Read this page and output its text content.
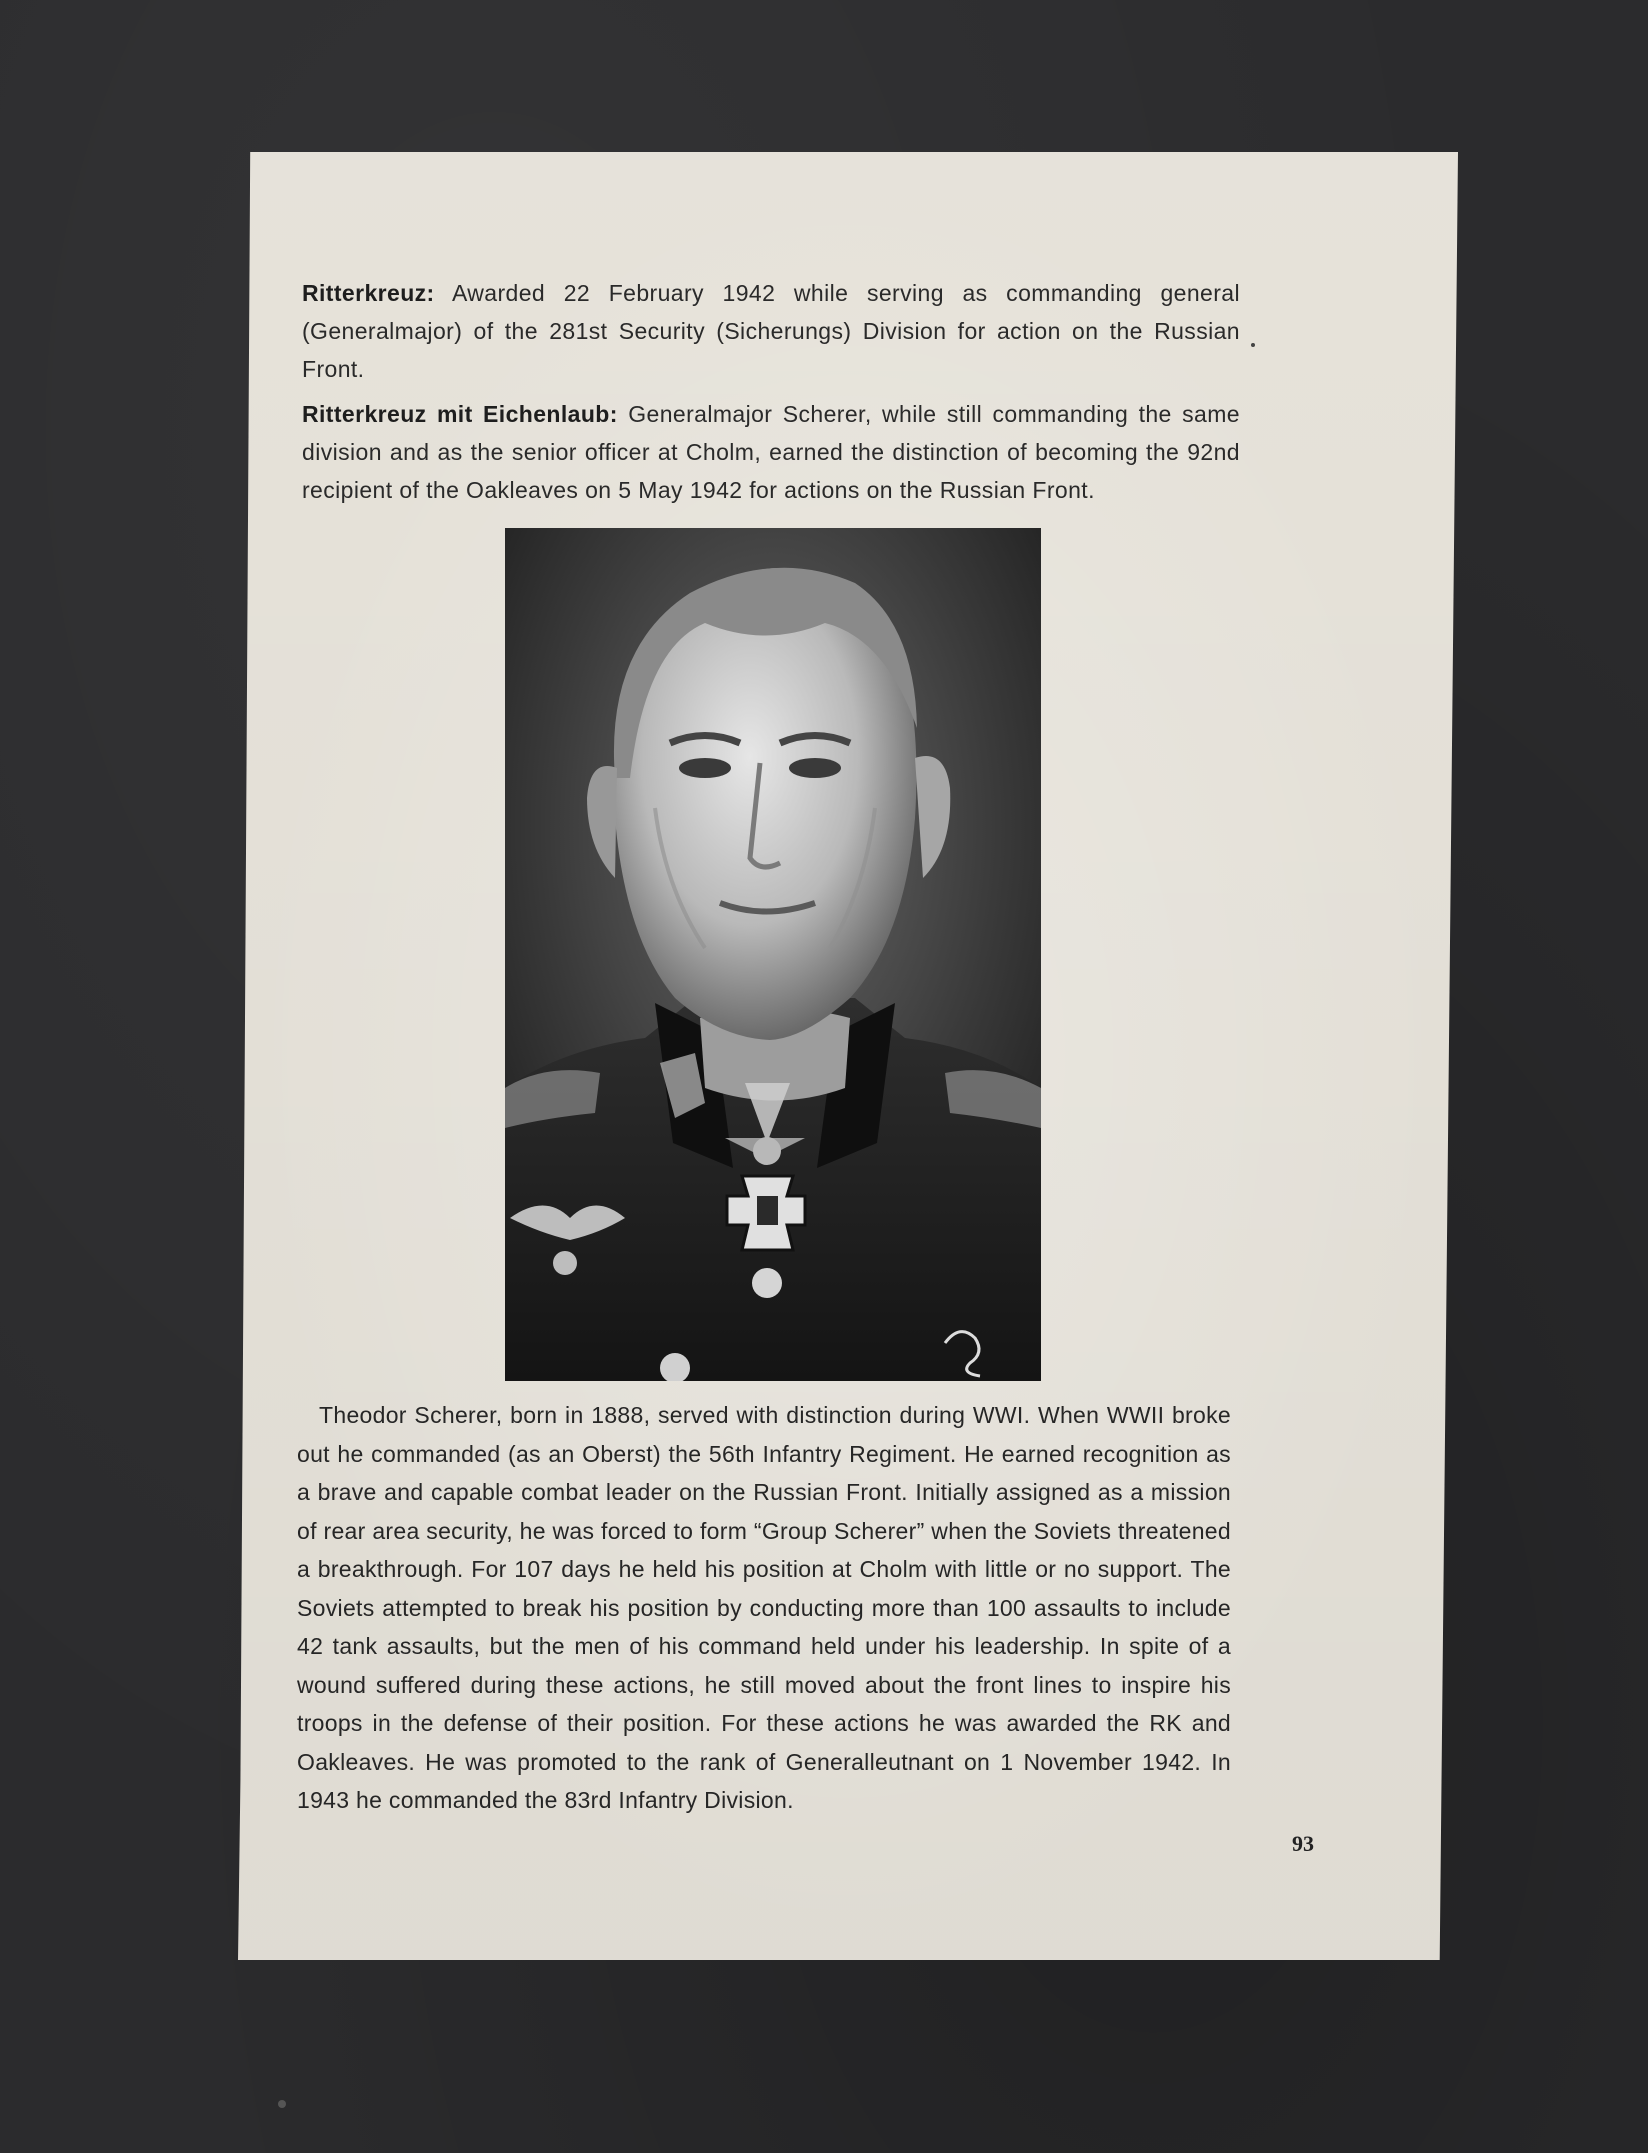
Ritterkreuz: Awarded 22 February 1942 while serving as commanding general (Generalmajor) of the 281st Security (Sicherungs) Division for action on the Russian Front.
Ritterkreuz mit Eichenlaub: Generalmajor Scherer, while still commanding the same division and as the senior officer at Cholm, earned the distinction of becoming the 92nd recipient of the Oakleaves on 5 May 1942 for actions on the Russian Front.
Theodor Scherer, born in 1888, served with distinction during WWI. When WWII broke out he commanded (as an Oberst) the 56th Infantry Regiment. He earned recognition as a brave and capable combat leader on the Russian Front. Initially assigned as a mission of rear area security, he was forced to form “Group Scherer” when the Soviets threatened a breakthrough. For 107 days he held his position at Cholm with little or no support. The Soviets attempted to break his position by conducting more than 100 assaults to include 42 tank assaults, but the men of his command held under his leadership. In spite of a wound suffered during these actions, he still moved about the front lines to inspire his troops in the defense of their position. For these actions he was awarded the RK and Oakleaves. He was promoted to the rank of Generalleutnant on 1 November 1942. In 1943 he commanded the 83rd Infantry Division.
93
